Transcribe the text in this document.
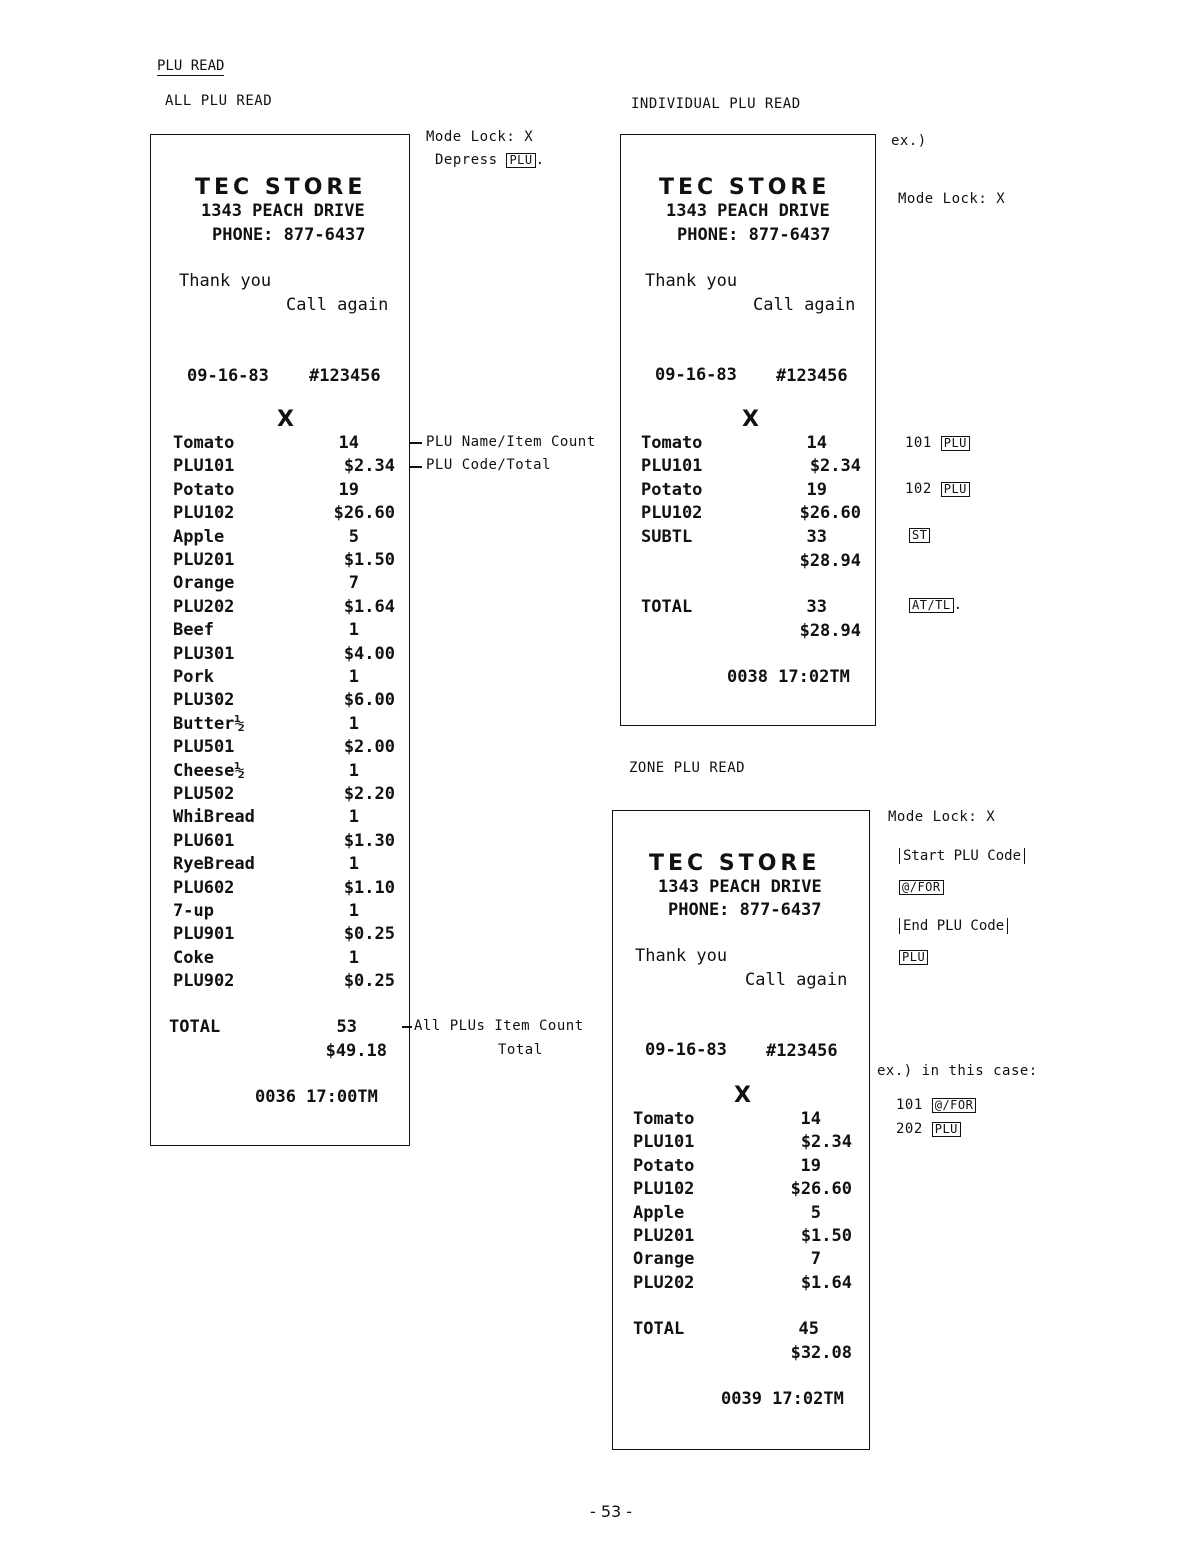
PLU READ
ALL PLU READ
TEC STORE
1343 PEACH DRIVE
PHONE: 877-6437
Thank you
Call again
09-16-83 #123456
X
Tomato	14
PLU101	$2.34
Potato	19
PLU102	$26.60
Apple	5
PLU201	$1.50
Orange	7
PLU202	$1.64
Beef	1
PLU301	$4.00
Pork	1
PLU302	$6.00
Butter½	1
PLU501	$2.00
Cheese½	1
PLU502	$2.20
WhiBread	1
PLU601	$1.30
RyeBread	1
PLU602	$1.10
7-up	1
PLU901	$0.25
Coke	1
PLU902	$0.25
TOTAL	53
$49.18
0036 17:00TM
Mode Lock: X
Depress PLU .
PLU Name/Item Count
PLU Code/Total
All PLUs Item Count
Total
INDIVIDUAL PLU READ
TEC STORE
1343 PEACH DRIVE
PHONE: 877-6437
Thank you
Call again
09-16-83 #123456
X
Tomato	14
PLU101	$2.34
Potato	19
PLU102	$26.60
SUBTL	33
$28.94
TOTAL	33
$28.94
0038 17:02TM
ex.)
Mode Lock: X
101 PLU
102 PLU
ST
AT/TL .
ZONE PLU READ
TEC STORE
1343 PEACH DRIVE
PHONE: 877-6437
Thank you
Call again
09-16-83 #123456
X
Tomato	14
PLU101	$2.34
Potato	19
PLU102	$26.60
Apple	5
PLU201	$1.50
Orange	7
PLU202	$1.64
TOTAL	45
$32.08
0039 17:02TM
Mode Lock: X
Start PLU Code
@/FOR
End PLU Code
PLU
ex.) in this case:
101 @/FOR
202 PLU
- 53 -
